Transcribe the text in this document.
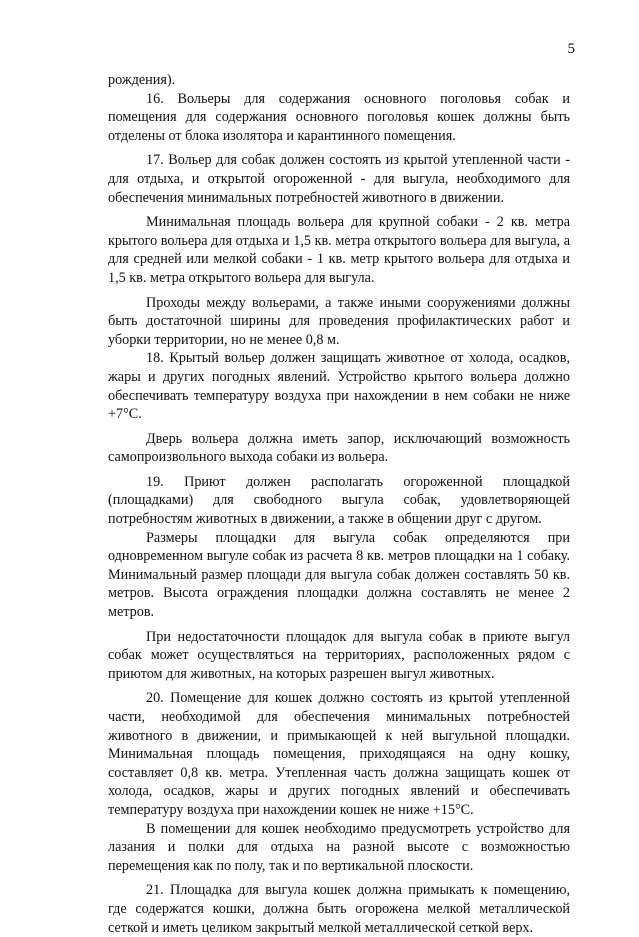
5

рождения).

16. Вольеры для содержания основного поголовья собак и помещения для содержания основного поголовья кошек должны быть отделены от блока изолятора и карантинного помещения.

17. Вольер для собак должен состоять из крытой утепленной части - для отдыха, и открытой огороженной - для выгула, необходимого для обеспечения минимальных потребностей животного в движении.

Минимальная площадь вольера для крупной собаки - 2 кв. метра крытого вольера для отдыха и 1,5 кв. метра открытого вольера для выгула, а для средней или мелкой собаки - 1 кв. метр крытого вольера для отдыха и 1,5 кв. метра открытого вольера для выгула.

Проходы между вольерами, а также иными сооружениями должны быть достаточной ширины для проведения профилактических работ и уборки территории, но не менее 0,8 м.

18. Крытый вольер должен защищать животное от холода, осадков, жары и других погодных явлений. Устройство крытого вольера должно обеспечивать температуру воздуха при нахождении в нем собаки не ниже +7°С.

Дверь вольера должна иметь запор, исключающий возможность самопроизвольного выхода собаки из вольера.

19. Приют должен располагать огороженной площадкой (площадками) для свободного выгула собак, удовлетворяющей потребностям животных в движении, а также в общении друг с другом.

Размеры площадки для выгула собак определяются при одновременном выгуле собак из расчета 8 кв. метров площадки на 1 собаку. Минимальный размер площади для выгула собак должен составлять 50 кв. метров. Высота ограждения площадки должна составлять не менее 2 метров.

При недостаточности площадок для выгула собак в приюте выгул собак может осуществляться на территориях, расположенных рядом с приютом для животных, на которых разрешен выгул животных.

20. Помещение для кошек должно состоять из крытой утепленной части, необходимой для обеспечения минимальных потребностей животного в движении, и примыкающей к ней выгульной площадки. Минимальная площадь помещения, приходящаяся на одну кошку, составляет 0,8 кв. метра. Утепленная часть должна защищать кошек от холода, осадков, жары и других погодных явлений и обеспечивать температуру воздуха при нахождении кошек не ниже +15°С.

В помещении для кошек необходимо предусмотреть устройство для лазания и полки для отдыха на разной высоте с возможностью перемещения как по полу, так и по вертикальной плоскости.

21. Площадка для выгула кошек должна примыкать к помещению, где содержатся кошки, должна быть огорожена мелкой металлической сеткой и иметь целиком закрытый мелкой металлической сеткой верх.
